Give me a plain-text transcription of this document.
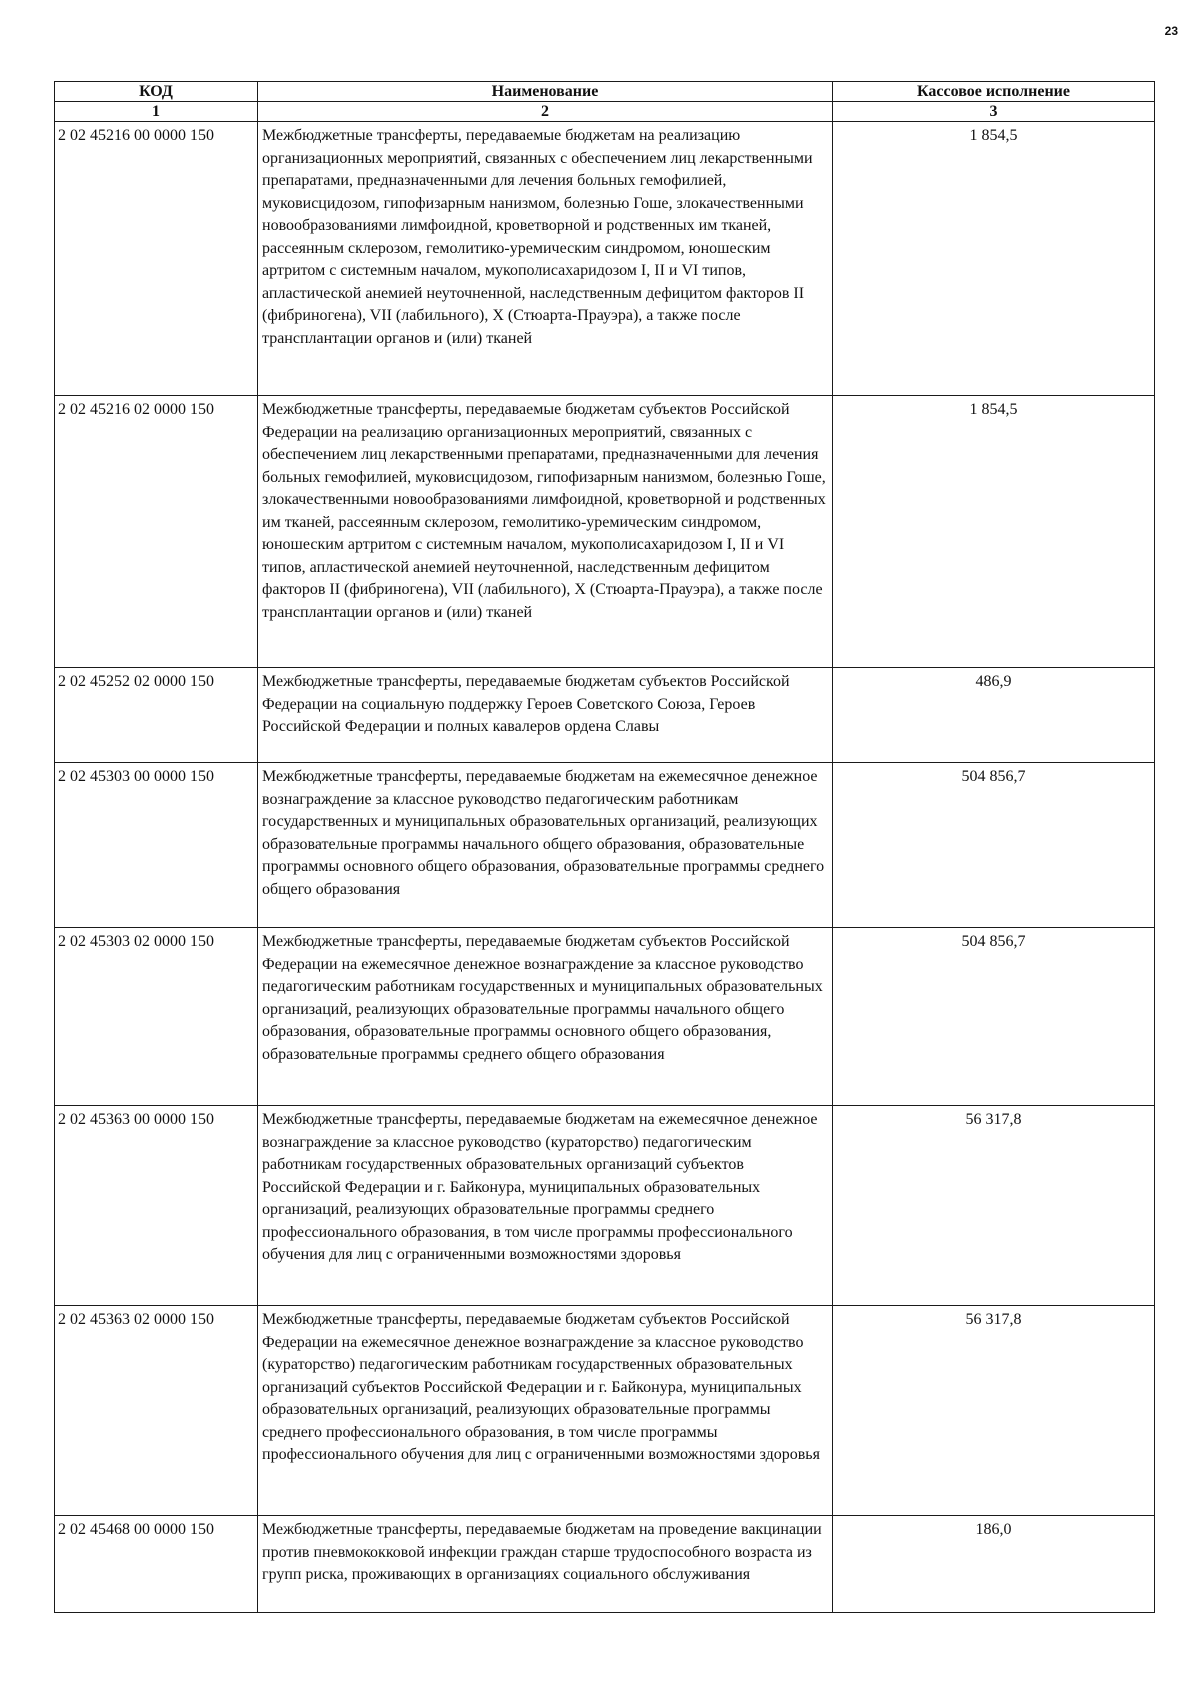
23
КОД	Наименование	Кассовое исполнение
1	2	3
2 02 45216 00 0000 150	Межбюджетные трансферты, передаваемые бюджетам на реализацию организационных мероприятий, связанных с обеспечением лиц лекарственными препаратами, предназначенными для лечения больных гемофилией, муковисцидозом, гипофизарным нанизмом, болезнью Гоше, злокачественными новообразованиями лимфоидной, кроветворной и родственных им тканей, рассеянным склерозом, гемолитико-уремическим синдромом, юношеским артритом с системным началом, мукополисахаридозом I, II и VI типов, апластической анемией неуточненной, наследственным дефицитом факторов II (фибриногена), VII (лабильного), X (Стюарта-Прауэра), а также после трансплантации органов и (или) тканей	1 854,5
2 02 45216 02 0000 150	Межбюджетные трансферты, передаваемые бюджетам субъектов Российской Федерации на реализацию организационных мероприятий, связанных с обеспечением лиц лекарственными препаратами, предназначенными для лечения больных гемофилией, муковисцидозом, гипофизарным нанизмом, болезнью Гоше, злокачественными новообразованиями лимфоидной, кроветворной и родственных им тканей, рассеянным склерозом, гемолитико-уремическим синдромом, юношеским артритом с системным началом, мукополисахаридозом I, II и VI типов, апластической анемией неуточненной, наследственным дефицитом факторов II (фибриногена), VII (лабильного), X (Стюарта-Прауэра), а также после трансплантации органов и (или) тканей	1 854,5
2 02 45252 02 0000 150	Межбюджетные трансферты, передаваемые бюджетам субъектов Российской Федерации на социальную поддержку Героев Советского Союза, Героев Российской Федерации и полных кавалеров ордена Славы	486,9
2 02 45303 00 0000 150	Межбюджетные трансферты, передаваемые бюджетам на ежемесячное денежное вознаграждение за классное руководство педагогическим работникам государственных и муниципальных образовательных организаций, реализующих образовательные программы начального общего образования, образовательные программы основного общего образования, образовательные программы среднего общего образования	504 856,7
2 02 45303 02 0000 150	Межбюджетные трансферты, передаваемые бюджетам субъектов Российской Федерации на ежемесячное денежное вознаграждение за классное руководство педагогическим работникам государственных и муниципальных образовательных организаций, реализующих образовательные программы начального общего образования, образовательные программы основного общего образования, образовательные программы среднего общего образования	504 856,7
2 02 45363 00 0000 150	Межбюджетные трансферты, передаваемые бюджетам на ежемесячное денежное вознаграждение за классное руководство (кураторство) педагогическим работникам государственных образовательных организаций субъектов Российской Федерации и г. Байконура, муниципальных образовательных организаций, реализующих образовательные программы среднего профессионального образования, в том числе программы профессионального обучения для лиц с ограниченными возможностями здоровья	56 317,8
2 02 45363 02 0000 150	Межбюджетные трансферты, передаваемые бюджетам субъектов Российской Федерации на ежемесячное денежное вознаграждение за классное руководство (кураторство) педагогическим работникам государственных образовательных организаций субъектов Российской Федерации и г. Байконура, муниципальных образовательных организаций, реализующих образовательные программы среднего профессионального образования, в том числе программы профессионального обучения для лиц с ограниченными возможностями здоровья	56 317,8
2 02 45468 00 0000 150	Межбюджетные трансферты, передаваемые бюджетам на проведение вакцинации против пневмококковой инфекции граждан старше трудоспособного возраста из групп риска, проживающих в организациях социального обслуживания	186,0
